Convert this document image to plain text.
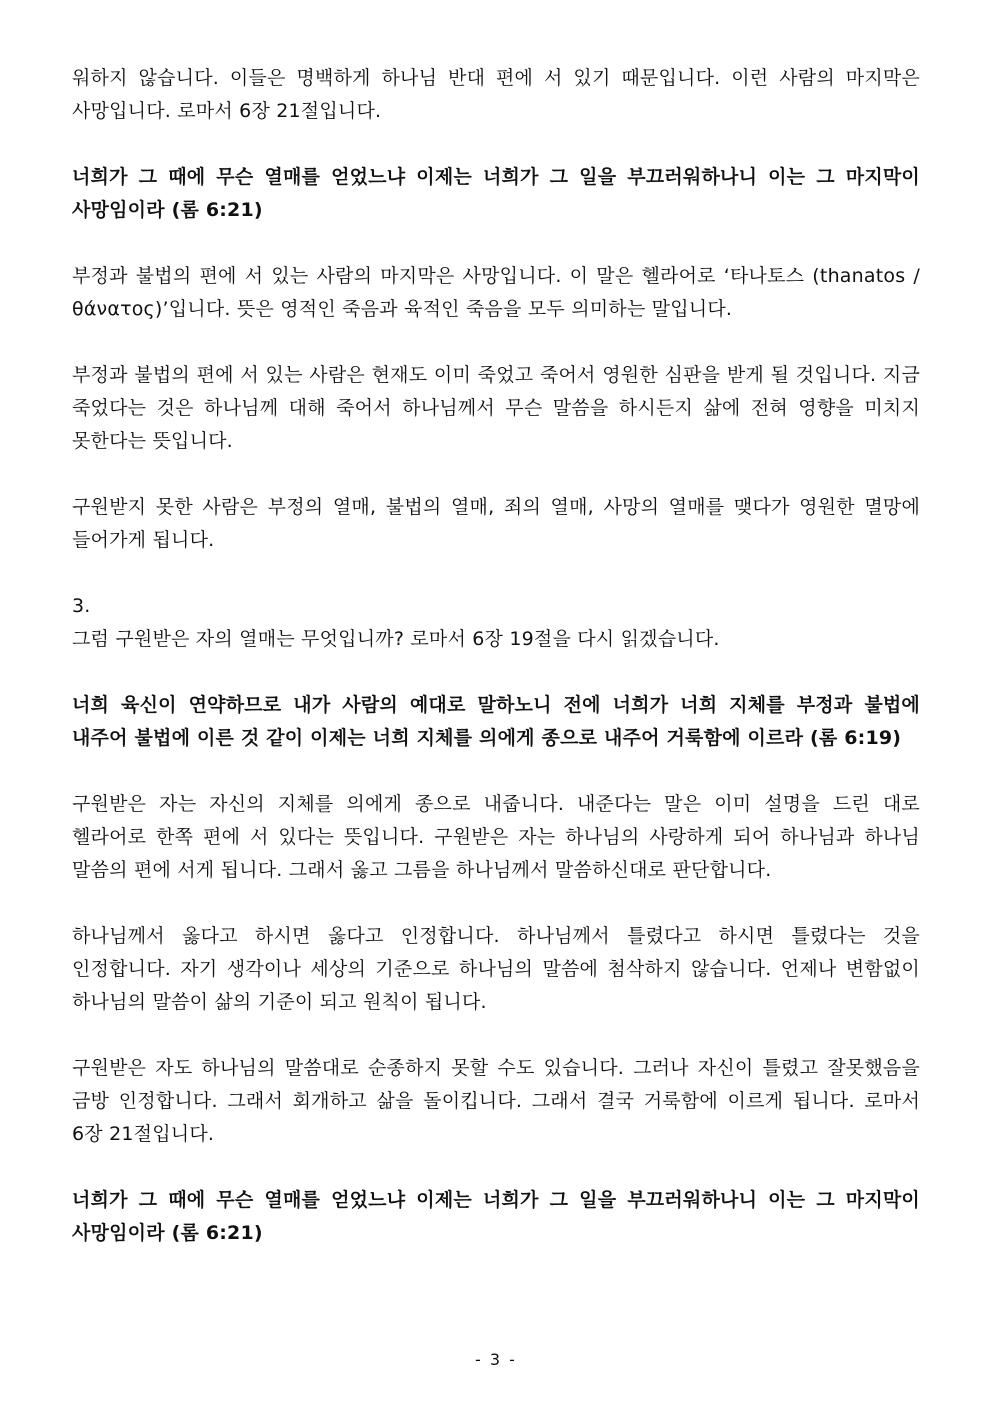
워하지 않습니다. 이들은 명백하게 하나님 반대 편에 서 있기 때문입니다. 이런 사람의 마지막은 사망입니다. 로마서 6장 21절입니다.

너희가 그 때에 무슨 열매를 얻었느냐 이제는 너희가 그 일을 부끄러워하나니 이는 그 마지막이 사망임이라 (롬 6:21)

부정과 불법의 편에 서 있는 사람의 마지막은 사망입니다. 이 말은 헬라어로 ‘타나토스 (thanatos / θάνατος)’입니다. 뜻은 영적인 죽음과 육적인 죽음을 모두 의미하는 말입니다.

부정과 불법의 편에 서 있는 사람은 현재도 이미 죽었고 죽어서 영원한 심판을 받게 될 것입니다. 지금 죽었다는 것은 하나님께 대해 죽어서 하나님께서 무슨 말씀을 하시든지 삶에 전혀 영향을 미치지 못한다는 뜻입니다.

구원받지 못한 사람은 부정의 열매, 불법의 열매, 죄의 열매, 사망의 열매를 맺다가 영원한 멸망에 들어가게 됩니다.

3.
그럼 구원받은 자의 열매는 무엇입니까? 로마서 6장 19절을 다시 읽겠습니다.

너희 육신이 연약하므로 내가 사람의 예대로 말하노니 전에 너희가 너희 지체를 부정과 불법에 내주어 불법에 이른 것 같이 이제는 너희 지체를 의에게 종으로 내주어 거룩함에 이르라 (롬 6:19)

구원받은 자는 자신의 지체를 의에게 종으로 내줍니다. 내준다는 말은 이미 설명을 드린 대로 헬라어로 한쪽 편에 서 있다는 뜻입니다. 구원받은 자는 하나님의 사랑하게 되어 하나님과 하나님 말씀의 편에 서게 됩니다. 그래서 옳고 그름을 하나님께서 말씀하신대로 판단합니다.

하나님께서 옳다고 하시면 옳다고 인정합니다. 하나님께서 틀렸다고 하시면 틀렸다는 것을 인정합니다. 자기 생각이나 세상의 기준으로 하나님의 말씀에 첨삭하지 않습니다. 언제나 변함없이 하나님의 말씀이 삶의 기준이 되고 원칙이 됩니다.

구원받은 자도 하나님의 말씀대로 순종하지 못할 수도 있습니다. 그러나 자신이 틀렸고 잘못했음을 금방 인정합니다. 그래서 회개하고 삶을 돌이킵니다. 그래서 결국 거룩함에 이르게 됩니다. 로마서 6장 21절입니다.

너희가 그 때에 무슨 열매를 얻었느냐 이제는 너희가 그 일을 부끄러워하나니 이는 그 마지막이 사망임이라 (롬 6:21)

- 3 -
